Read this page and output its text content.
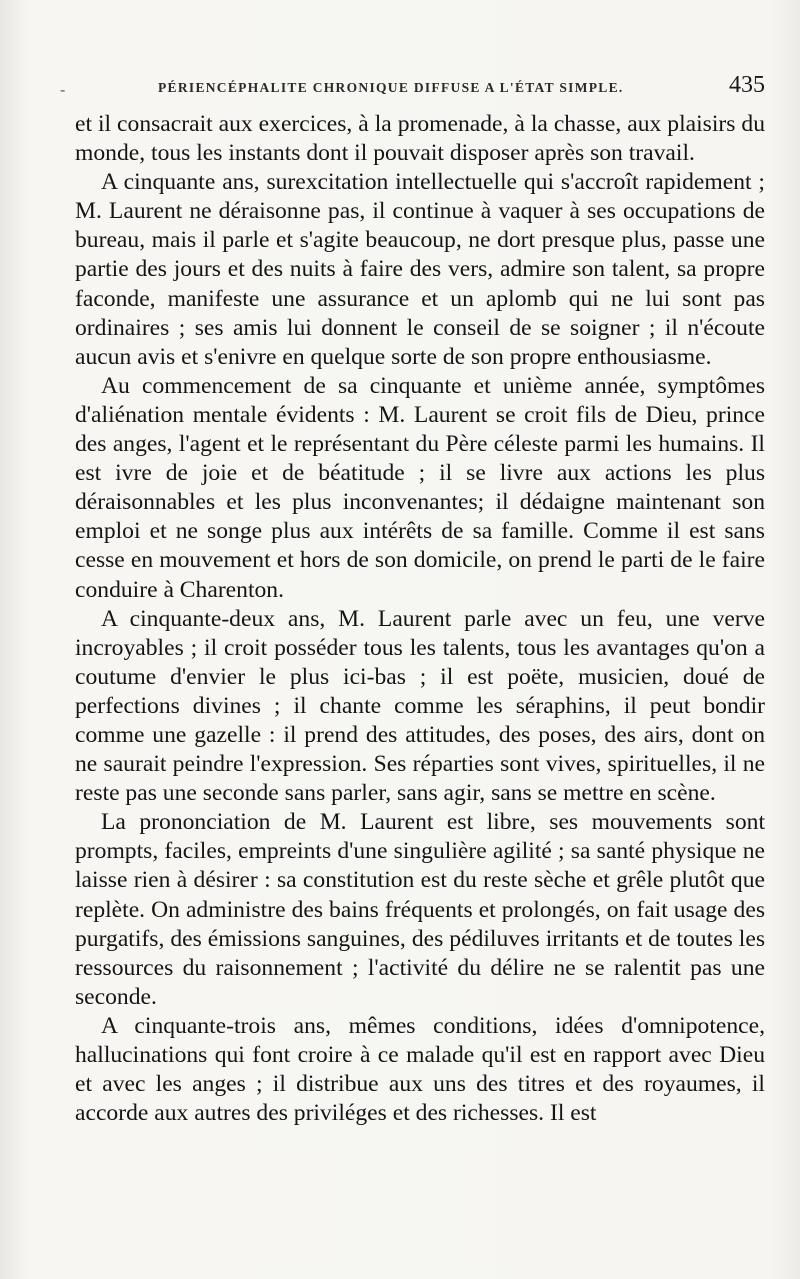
-	PÉRIENCÉPHALITE CHRONIQUE DIFFUSE A L'ÉTAT SIMPLE.	435

et il consacrait aux exercices, à la promenade, à la chasse, aux plaisirs du monde, tous les instants dont il pouvait disposer après son travail.

A cinquante ans, surexcitation intellectuelle qui s'accroît rapidement ; M. Laurent ne déraisonne pas, il continue à vaquer à ses occupations de bureau, mais il parle et s'agite beaucoup, ne dort presque plus, passe une partie des jours et des nuits à faire des vers, admire son talent, sa propre faconde, manifeste une assurance et un aplomb qui ne lui sont pas ordinaires ; ses amis lui donnent le conseil de se soigner ; il n'écoute aucun avis et s'enivre en quelque sorte de son propre enthousiasme.

Au commencement de sa cinquante et unième année, symptômes d'aliénation mentale évidents : M. Laurent se croit fils de Dieu, prince des anges, l'agent et le représentant du Père céleste parmi les humains. Il est ivre de joie et de béatitude ; il se livre aux actions les plus déraisonnables et les plus inconvenantes; il dédaigne maintenant son emploi et ne songe plus aux intérêts de sa famille. Comme il est sans cesse en mouvement et hors de son domicile, on prend le parti de le faire conduire à Charenton.

A cinquante-deux ans, M. Laurent parle avec un feu, une verve incroyables ; il croit posséder tous les talents, tous les avantages qu'on a coutume d'envier le plus ici-bas ; il est poëte, musicien, doué de perfections divines ; il chante comme les séraphins, il peut bondir comme une gazelle : il prend des attitudes, des poses, des airs, dont on ne saurait peindre l'expression. Ses réparties sont vives, spirituelles, il ne reste pas une seconde sans parler, sans agir, sans se mettre en scène.

La prononciation de M. Laurent est libre, ses mouvements sont prompts, faciles, empreints d'une singulière agilité ; sa santé physique ne laisse rien à désirer : sa constitution est du reste sèche et grêle plutôt que replète. On administre des bains fréquents et prolongés, on fait usage des purgatifs, des émissions sanguines, des pédiluves irritants et de toutes les ressources du raisonnement ; l'activité du délire ne se ralentit pas une seconde.

A cinquante-trois ans, mêmes conditions, idées d'omnipotence, hallucinations qui font croire à ce malade qu'il est en rapport avec Dieu et avec les anges ; il distribue aux uns des titres et des royaumes, il accorde aux autres des priviléges et des richesses. Il est
